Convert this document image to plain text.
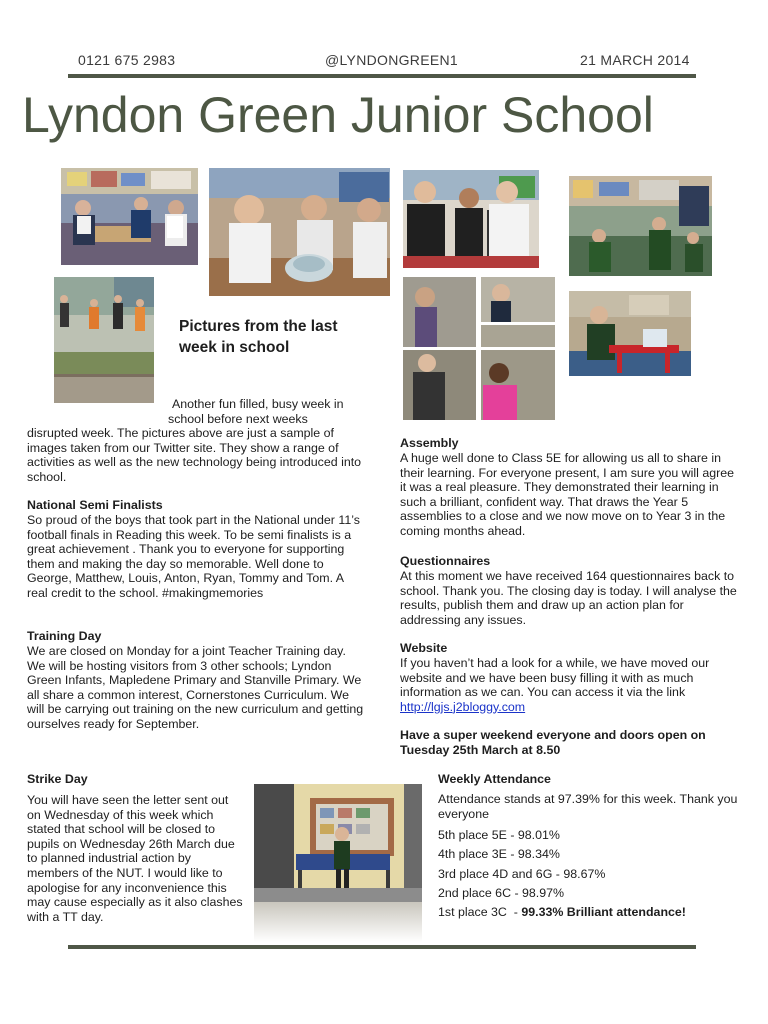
0121 675 2983	@LYNDONGREEN1	21 MARCH 2014
Lyndon Green Junior School
Pictures from the last
week in school
Another fun filled, busy week in
school before next weeks
disrupted week. The pictures above are just a sample of images taken from our Twitter site. They show a range of activities as well as the new technology being introduced into school.
National Semi Finalists
So proud of the boys that took part in the National under 11’s football finals in Reading this week. To be semi finalists is a great achievement . Thank you to everyone for supporting them and making the day so memorable. Well done to George, Matthew, Louis, Anton, Ryan, Tommy and Tom. A real credit to the school. #makingmemories
Training Day
We are closed on Monday for a joint Teacher Training day. We will be hosting visitors from 3 other schools; Lyndon Green Infants, Mapledene Primary and Stanville Primary. We all share a common interest, Cornerstones Curriculum. We will be carrying out training on the new curriculum and getting ourselves ready for September.
Assembly
A huge well done to Class 5E for allowing us all to share in their learning. For everyone present, I am sure you will agree it was a real pleasure. They demonstrated their learning in such a brilliant, confident way. That draws the Year 5 assemblies to a close and we now move on to Year 3 in the coming months ahead.
Questionnaires
At this moment we have received 164 questionnaires back to school. Thank you. The closing day is today. I will analyse the results, publish them and draw up an action plan for addressing any issues.
Website
If you haven’t had a look for a while, we have moved our website and we have been busy filling it with as much information as we can. You can access it via the link
http://lgjs.j2bloggy.com
Have a super weekend everyone and doors open on
Tuesday 25th March at 8.50
Strike Day
You will have seen the letter sent out on Wednesday of this week which stated that school will be closed to pupils on Wednesday 26th March due to planned industrial action by members of the NUT. I would like to apologise for any inconvenience this may cause especially as it also clashes with a TT day.
Weekly Attendance
Attendance stands at 97.39% for this week. Thank you everyone
5th place 5E - 98.01%
4th place 3E - 98.34%
3rd place 4D and 6G - 98.67%
2nd place 6C - 98.97%
1st place 3C  - 99.33% Brilliant attendance!
